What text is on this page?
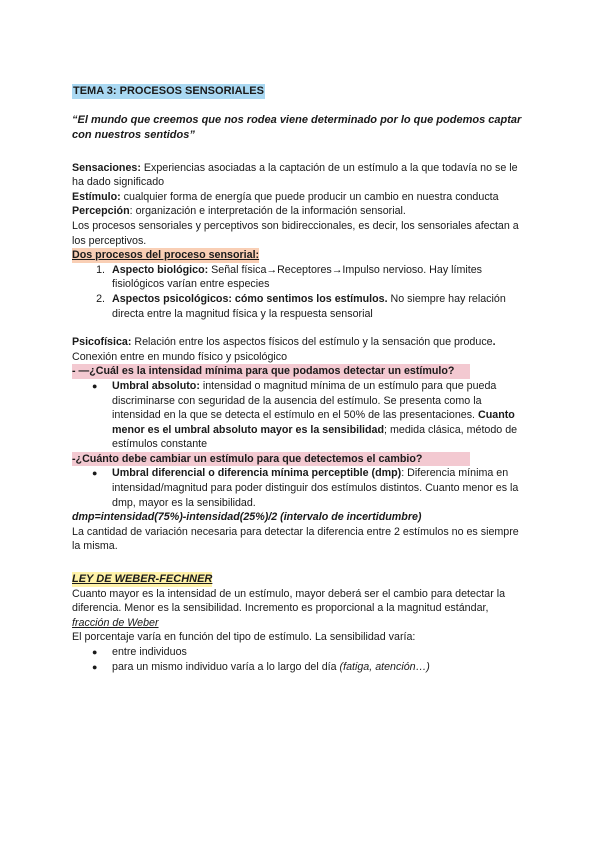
TEMA 3: PROCESOS SENSORIALES

“El mundo que creemos que nos rodea viene determinado por lo que podemos captar con nuestros sentidos”

Sensaciones: Experiencias asociadas a la captación de un estímulo a la que todavía no se le ha dado significado

Estímulo: cualquier forma de energía que puede producir un cambio en nuestra conducta

Percepción: organización e interpretación de la información sensorial.

Los procesos sensoriales y perceptivos son bidireccionales, es decir, los sensoriales afectan a los perceptivos.

Dos procesos del proceso sensorial:
1. Aspecto biológico: Señal física→Receptores→Impulso nervioso. Hay límites fisiológicos varían entre especies
2. Aspectos psicológicos: cómo sentimos los estímulos. No siempre hay relación directa entre la magnitud física y la respuesta sensorial

Psicofísica: Relación entre los aspectos físicos del estímulo y la sensación que produce.

Conexión entre en mundo físico y psicológico

- —¿Cuál es la intensidad mínima para que podamos detectar un estímulo?
● Umbral absoluto: intensidad o magnitud mínima de un estímulo para que pueda discriminarse con seguridad de la ausencia del estímulo. Se presenta como la intensidad en la que se detecta el estímulo en el 50% de las presentaciones. Cuanto menor es el umbral absoluto mayor es la sensibilidad; medida clásica, método de estímulos constante
-¿Cuánto debe cambiar un estímulo para que detectemos el cambio?
● Umbral diferencial o diferencia mínima perceptible (dmp): Diferencia mínima en intensidad/magnitud para poder distinguir dos estímulos distintos. Cuanto menor es la dmp, mayor es la sensibilidad.

dmp=intensidad(75%)-intensidad(25%)/2 (intervalo de incertidumbre)

La cantidad de variación necesaria para detectar la diferencia entre 2 estímulos no es siempre la misma.

LEY DE WEBER-FECHNER

Cuanto mayor es la intensidad de un estímulo, mayor deberá ser el cambio para detectar la diferencia. Menor es la sensibilidad. Incremento es proporcional a la magnitud estándar,
fracción de Weber

El porcentaje varía en función del tipo de estímulo. La sensibilidad varía:

● entre individuos
● para un mismo individuo varía a lo largo del día (fatiga, atención…)
